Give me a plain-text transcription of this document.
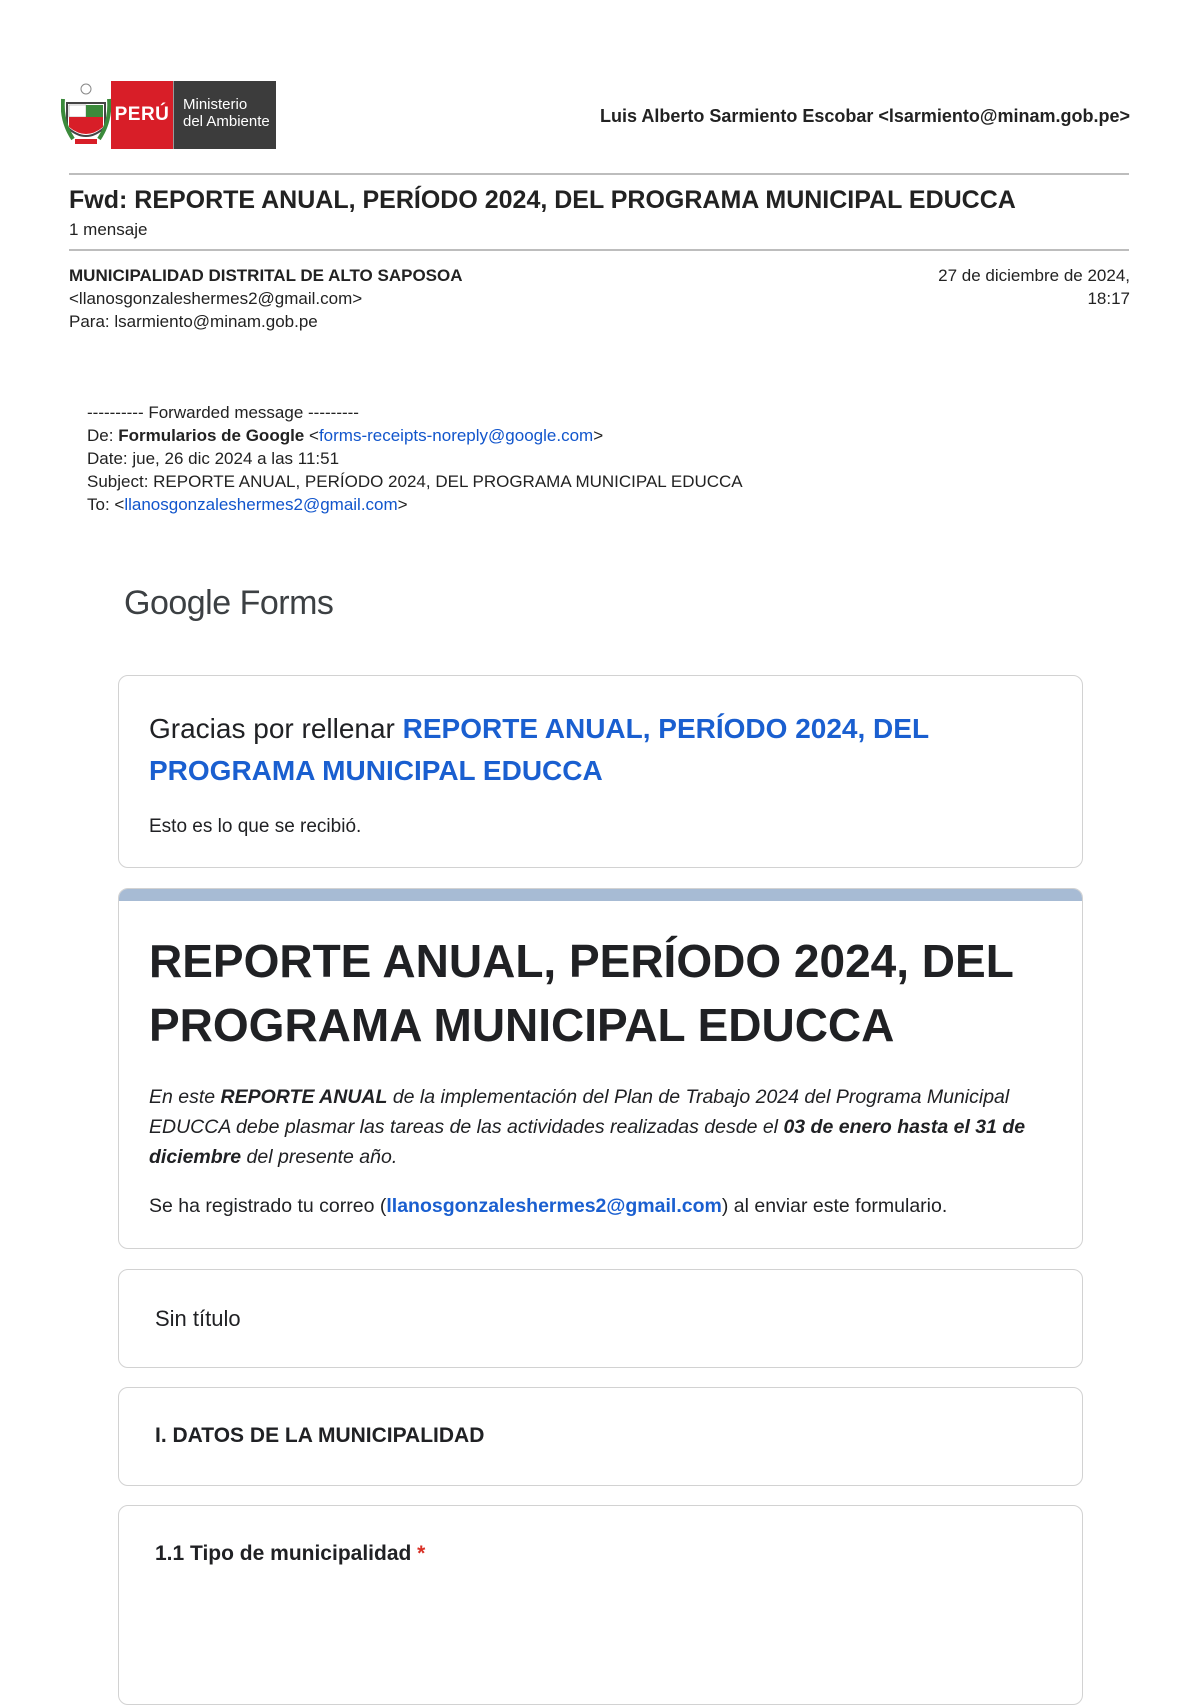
PERÚ Ministerio
del Ambiente	Luis Alberto Sarmiento Escobar <lsarmiento@minam.gob.pe>
Fwd: REPORTE ANUAL, PERÍODO 2024, DEL PROGRAMA MUNICIPAL EDUCCA
1 mensaje
MUNICIPALIDAD DISTRITAL DE ALTO SAPOSOA
<llanosgonzaleshermes2@gmail.com>
Para: lsarmiento@minam.gob.pe
27 de diciembre de 2024,
18:17
---------- Forwarded message ---------
De: Formularios de Google <forms-receipts-noreply@google.com>
Date: jue, 26 dic 2024 a las 11:51
Subject: REPORTE ANUAL, PERÍODO 2024, DEL PROGRAMA MUNICIPAL EDUCCA
To: <llanosgonzaleshermes2@gmail.com>
Google Forms
Gracias por rellenar REPORTE ANUAL, PERÍODO 2024, DEL PROGRAMA MUNICIPAL EDUCCA
Esto es lo que se recibió.
REPORTE ANUAL, PERÍODO 2024, DEL PROGRAMA MUNICIPAL EDUCCA
En este REPORTE ANUAL de la implementación del Plan de Trabajo 2024 del Programa Municipal EDUCCA debe plasmar las tareas de las actividades realizadas desde el 03 de enero hasta el 31 de diciembre del presente año.
Se ha registrado tu correo (llanosgonzaleshermes2@gmail.com) al enviar este formulario.
Sin título
I. DATOS DE LA MUNICIPALIDAD
1.1 Tipo de municipalidad *
